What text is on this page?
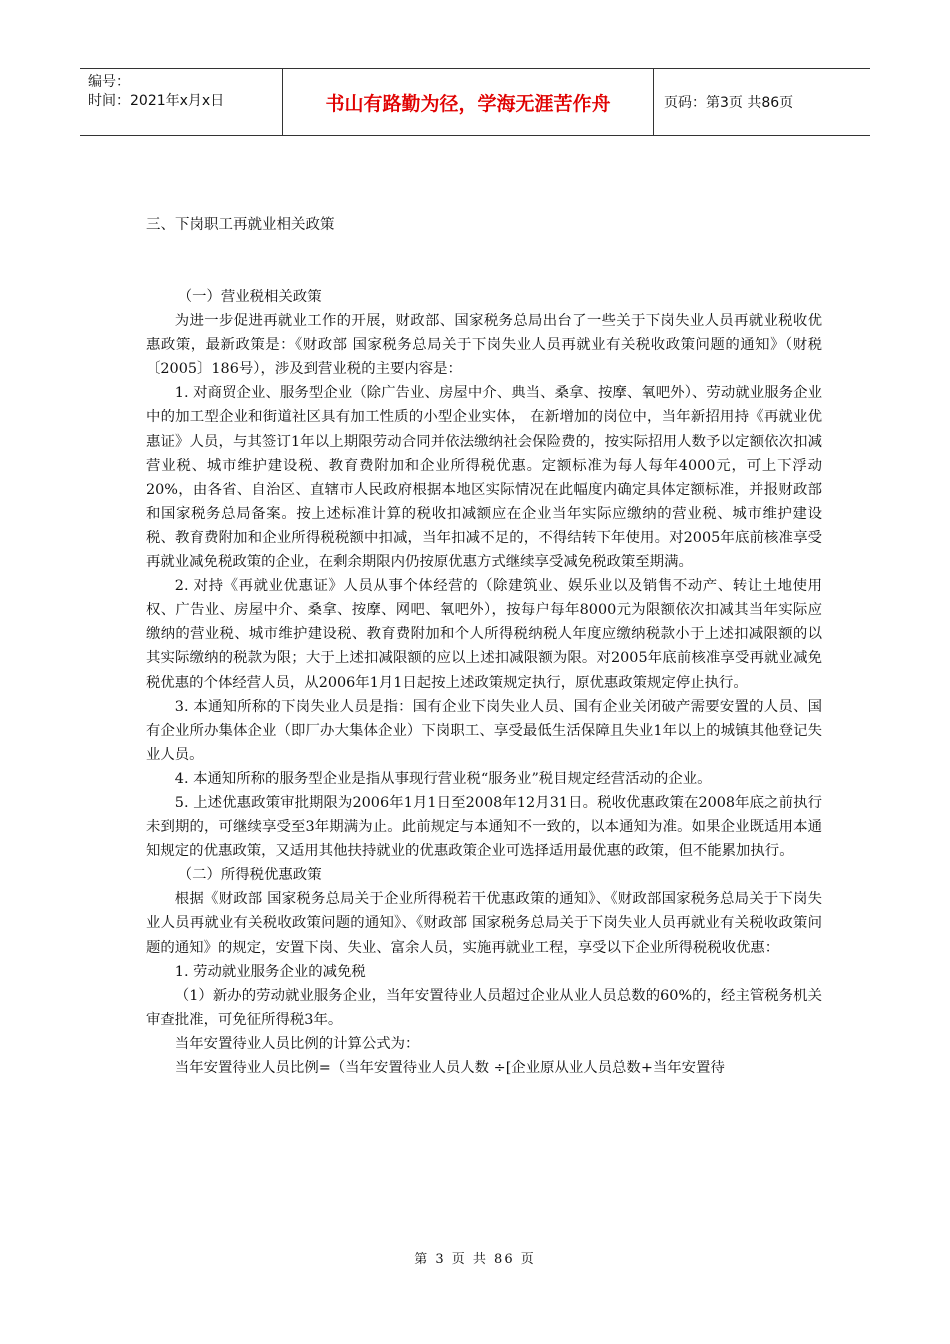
编号：
时间：2021年x月x日	书山有路勤为径，学海无涯苦作舟	页码：第3页 共86页
三、下岗职工再就业相关政策

（一）营业税相关政策

为进一步促进再就业工作的开展，财政部、国家税务总局出台了一些关于下岗失业人员再就业税收优惠政策，最新政策是：《财政部 国家税务总局关于下岗失业人员再就业有关税收政策问题的通知》（财税〔2005〕186号），涉及到营业税的主要内容是：

1. 对商贸企业、服务型企业（除广告业、房屋中介、典当、桑拿、按摩、氧吧外）、劳动就业服务企业中的加工型企业和街道社区具有加工性质的小型企业实体， 在新增加的岗位中，当年新招用持《再就业优惠证》人员，与其签订1年以上期限劳动合同并依法缴纳社会保险费的，按实际招用人数予以定额依次扣减营业税、城市维护建设税、教育费附加和企业所得税优惠。定额标准为每人每年4000元，可上下浮动20%，由各省、自治区、直辖市人民政府根据本地区实际情况在此幅度内确定具体定额标准，并报财政部和国家税务总局备案。按上述标准计算的税收扣减额应在企业当年实际应缴纳的营业税、城市维护建设税、教育费附加和企业所得税税额中扣减，当年扣减不足的，不得结转下年使用。对2005年底前核准享受再就业减免税政策的企业，在剩余期限内仍按原优惠方式继续享受减免税政策至期满。

2. 对持《再就业优惠证》人员从事个体经营的（除建筑业、娱乐业以及销售不动产、转让土地使用权、广告业、房屋中介、桑拿、按摩、网吧、氧吧外），按每户每年8000元为限额依次扣减其当年实际应缴纳的营业税、城市维护建设税、教育费附加和个人所得税纳税人年度应缴纳税款小于上述扣减限额的以其实际缴纳的税款为限；大于上述扣减限额的应以上述扣减限额为限。对2005年底前核准享受再就业减免税优惠的个体经营人员，从2006年1月1日起按上述政策规定执行，原优惠政策规定停止执行。

3. 本通知所称的下岗失业人员是指：国有企业下岗失业人员、国有企业关闭破产需要安置的人员、国有企业所办集体企业（即厂办大集体企业）下岗职工、享受最低生活保障且失业1年以上的城镇其他登记失业人员。

4. 本通知所称的服务型企业是指从事现行营业税“服务业”税目规定经营活动的企业。

5. 上述优惠政策审批期限为2006年1月1日至2008年12月31日。税收优惠政策在2008年底之前执行未到期的，可继续享受至3年期满为止。此前规定与本通知不一致的，以本通知为准。如果企业既适用本通知规定的优惠政策，又适用其他扶持就业的优惠政策企业可选择适用最优惠的政策，但不能累加执行。

（二）所得税优惠政策

根据《财政部 国家税务总局关于企业所得税若干优惠政策的通知》、《财政部国家税务总局关于下岗失业人员再就业有关税收政策问题的通知》、《财政部 国家税务总局关于下岗失业人员再就业有关税收政策问题的通知》的规定，安置下岗、失业、富余人员，实施再就业工程，享受以下企业所得税税收优惠：

1. 劳动就业服务企业的减免税

（1）新办的劳动就业服务企业，当年安置待业人员超过企业从业人员总数的60%的，经主管税务机关审查批准，可免征所得税3年。

当年安置待业人员比例的计算公式为：

当年安置待业人员比例=（当年安置待业人员人数 ÷[企业原从业人员总数+当年安置待

第 3 页 共 86 页
